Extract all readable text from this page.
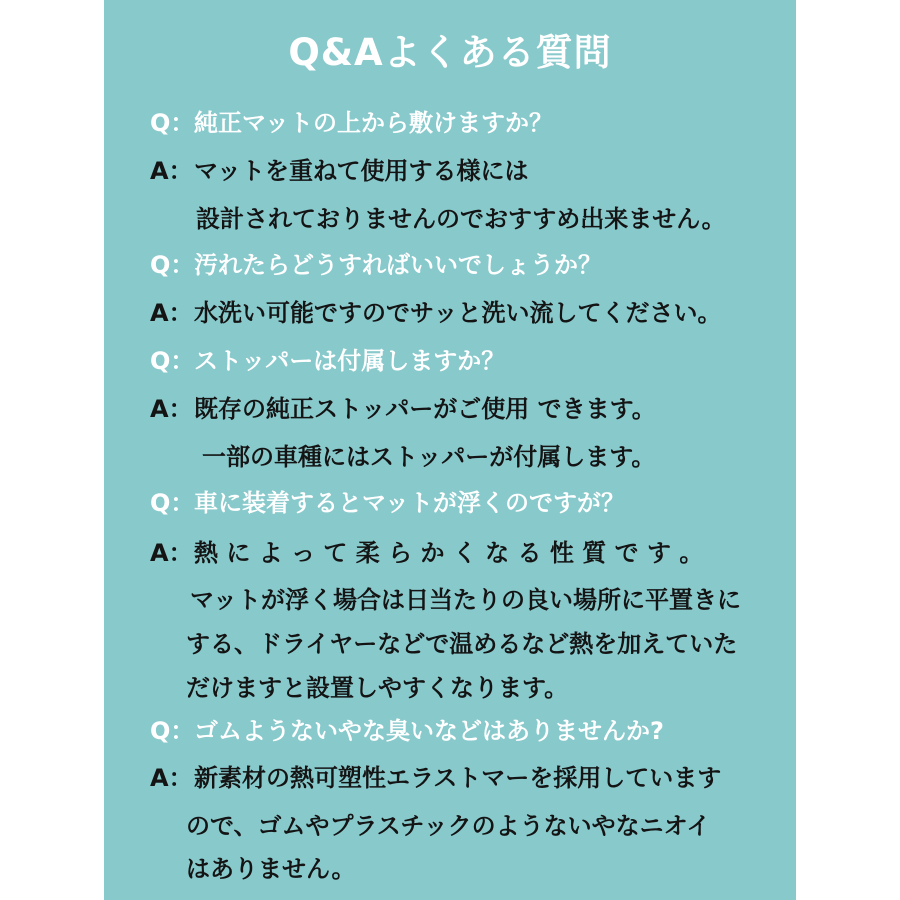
Q&Aよくある質問
Q：純正マットの上から敷けますか？
A：マットを重ねて使用する様には
設計されておりませんのでおすすめ出来ません。
Q：汚れたらどうすればいいでしょうか？
A：水洗い可能ですのでサッと洗い流してください。
Q：ストッパーは付属しますか？
A：既存の純正ストッパーがご使用 できます。
一部の車種にはストッパーが付属します。
Q：車に装着するとマットが浮くのですが？
A：熱 に よ っ て 柔 ら か く な る 性 質 で す 。
マットが浮く場合は日当たりの良い場所に平置きに
する、ドライヤーなどで温めるなど熱を加えていた
だけますと設置しやすくなります。
Q：ゴムようないやな臭いなどはありませんか?
A：新素材の熱可塑性エラストマーを採用しています
ので、ゴムやプラスチックのようないやなニオイ
はありません。
